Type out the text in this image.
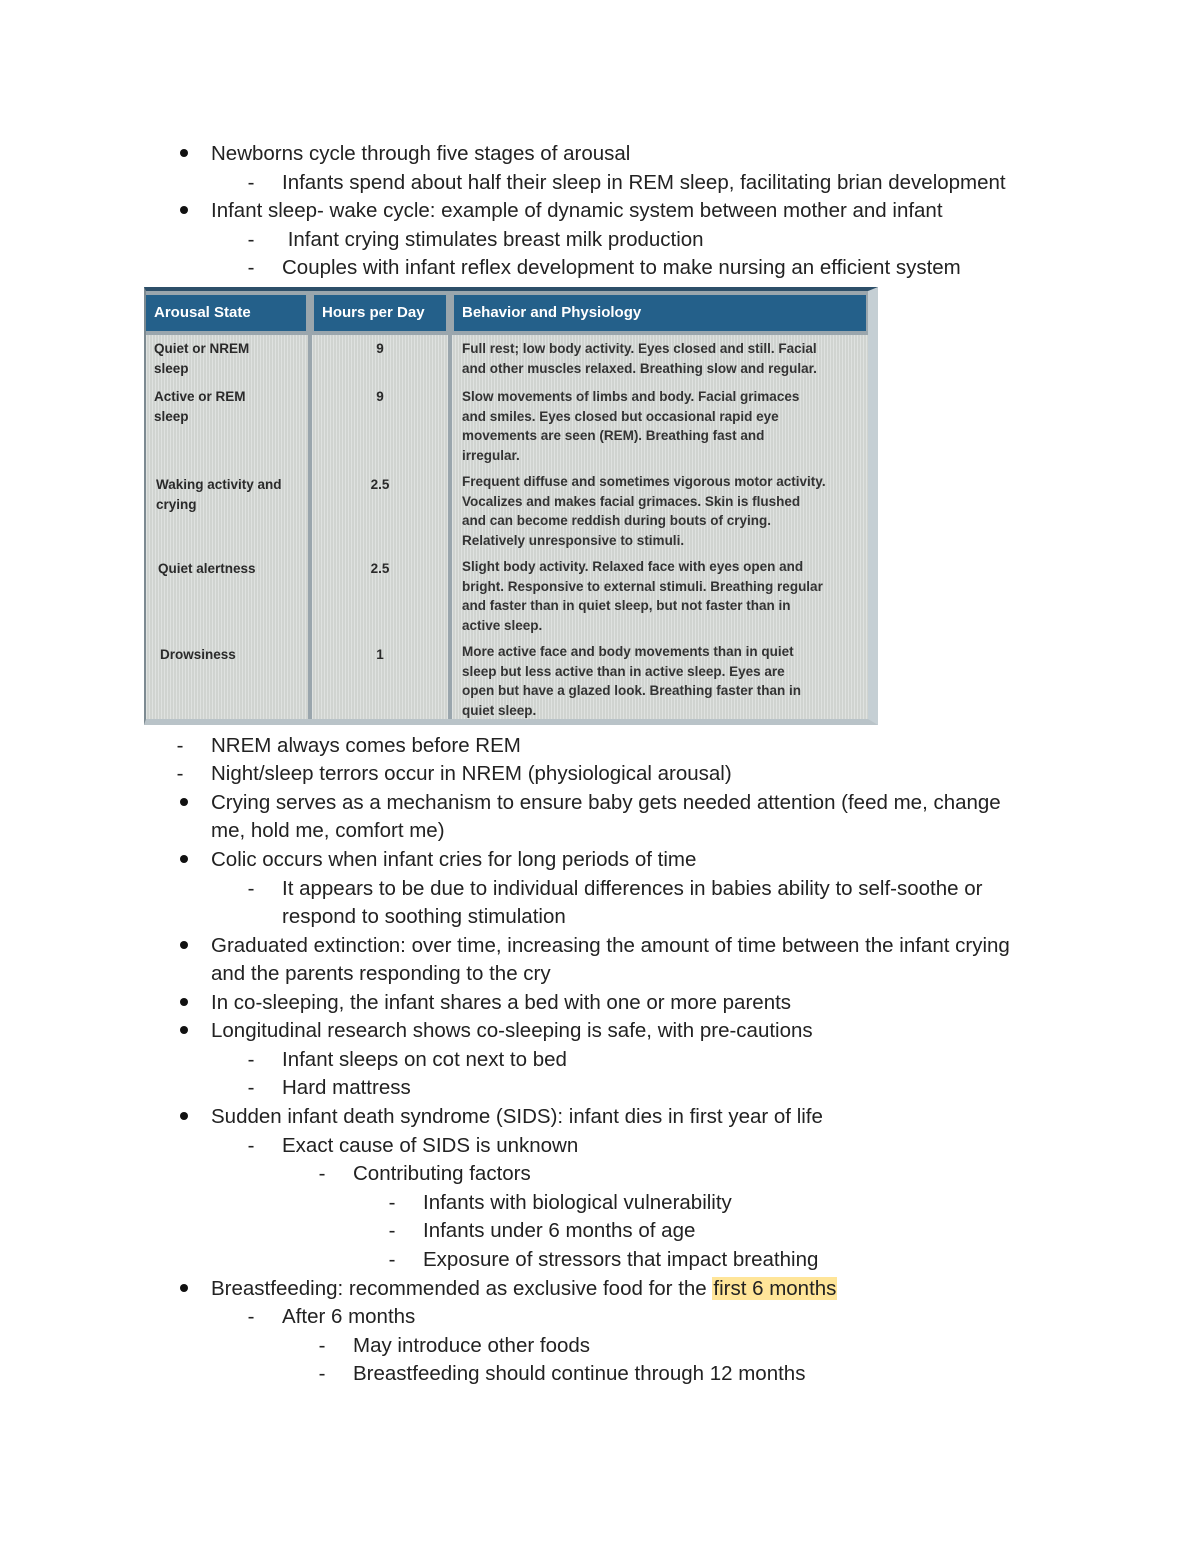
Newborns cycle through five stages of arousal
-	Infants spend about half their sleep in REM sleep, facilitating brian development
Infant sleep- wake cycle: example of dynamic system between mother and infant
-	Infant crying stimulates breast milk production
-	Couples with infant reflex development to make nursing an efficient system
Arousal State	Hours per Day	Behavior and Physiology
Quiet or NREM
sleep
9	Full rest; low body activity. Eyes closed and still. Facial
and other muscles relaxed. Breathing slow and regular.
Active or REM
sleep
9	Slow movements of limbs and body. Facial grimaces
and smiles. Eyes closed but occasional rapid eye
movements are seen (REM). Breathing fast and
irregular.
Waking activity and
crying
2.5	Frequent diffuse and sometimes vigorous motor activity.
Vocalizes and makes facial grimaces. Skin is flushed
and can become reddish during bouts of crying.
Relatively unresponsive to stimuli.
Quiet alertness	2.5	Slight body activity. Relaxed face with eyes open and
bright. Responsive to external stimuli. Breathing regular
and faster than in quiet sleep, but not faster than in
active sleep.
Drowsiness	1	More active face and body movements than in quiet
sleep but less active than in active sleep. Eyes are
open but have a glazed look. Breathing faster than in
quiet sleep.
-	NREM always comes before REM
-	Night/sleep terrors occur in NREM (physiological arousal)
Crying serves as a mechanism to ensure baby gets needed attention (feed me, change
me, hold me, comfort me)
Colic occurs when infant cries for long periods of time
-	It appears to be due to individual differences in babies ability to self-soothe or
respond to soothing stimulation
Graduated extinction: over time, increasing the amount of time between the infant crying
and the parents responding to the cry
In co-sleeping, the infant shares a bed with one or more parents
Longitudinal research shows co-sleeping is safe, with pre-cautions
-	Infant sleeps on cot next to bed
-	Hard mattress
Sudden infant death syndrome (SIDS): infant dies in first year of life
-	Exact cause of SIDS is unknown
-	Contributing factors
-	Infants with biological vulnerability
-	Infants under 6 months of age
-	Exposure of stressors that impact breathing
Breastfeeding: recommended as exclusive food for the first 6 months
-	After 6 months
-	May introduce other foods
-	Breastfeeding should continue through 12 months
